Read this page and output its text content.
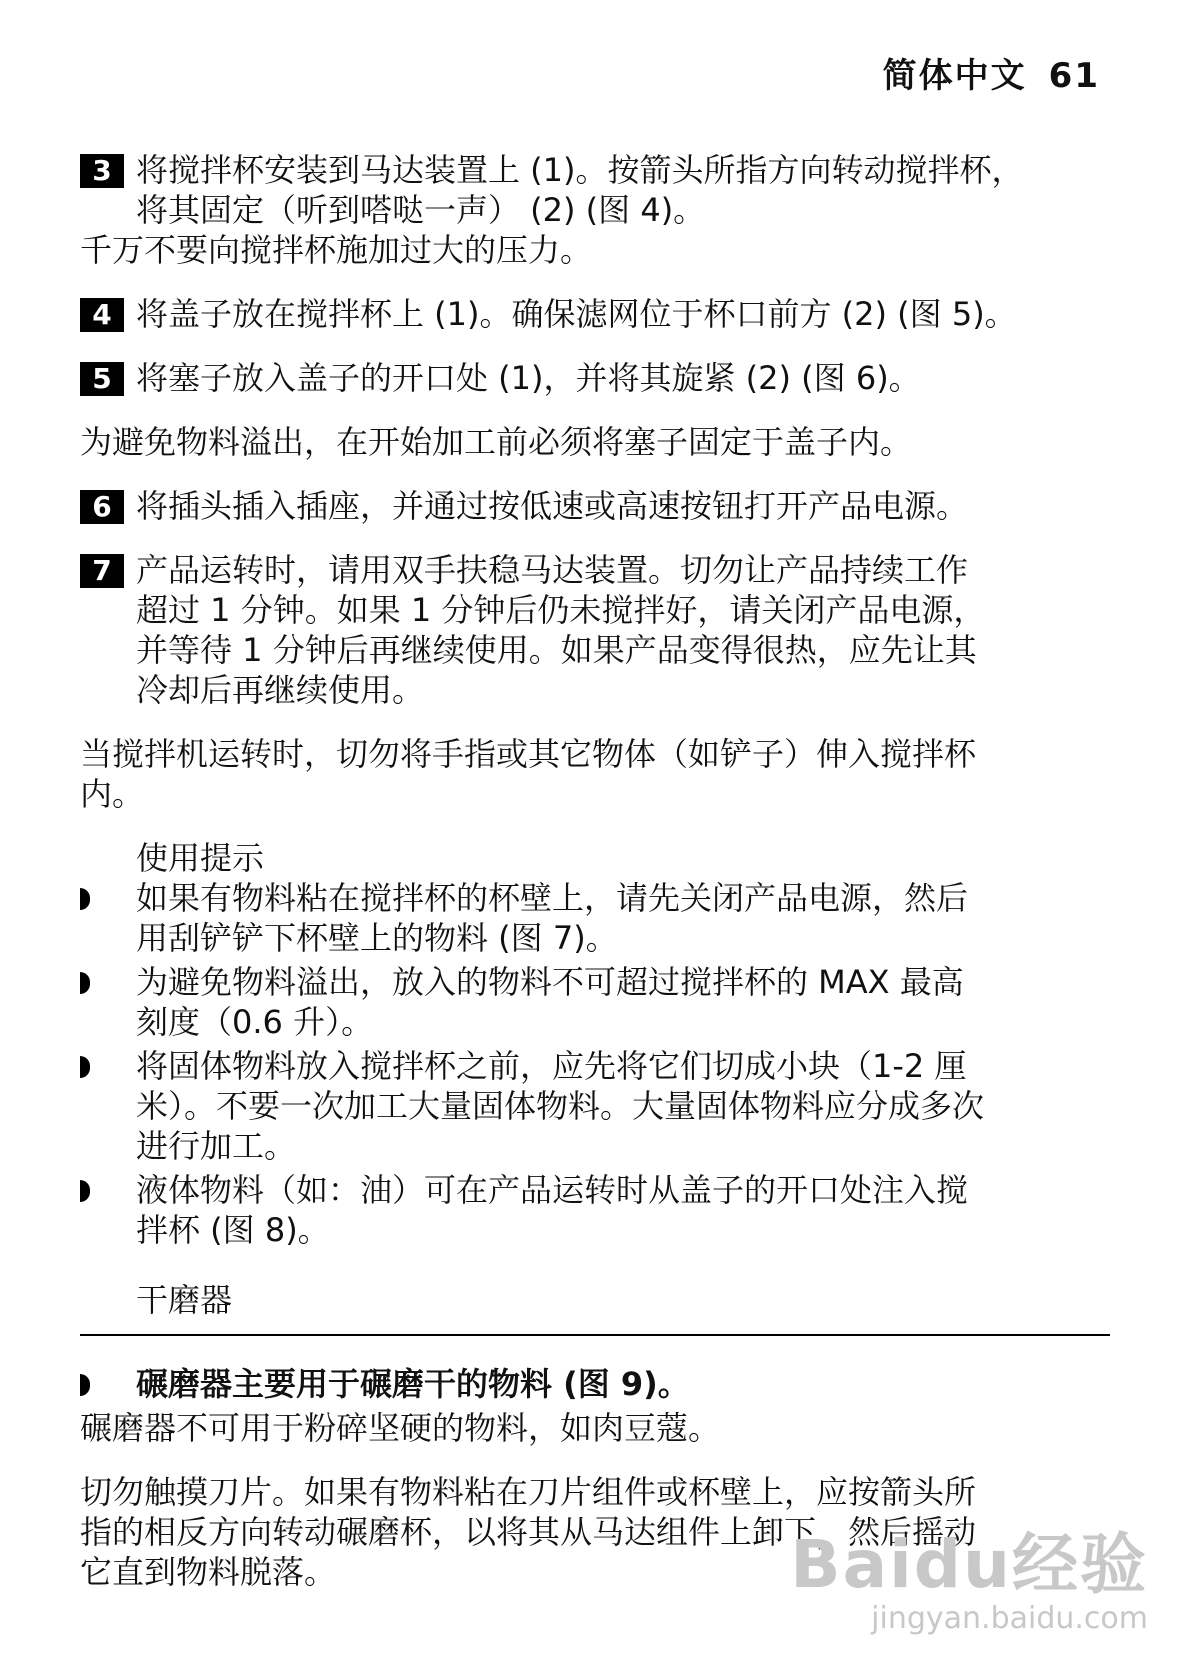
简体中文 61
3 将搅拌杯安装到马达装置上 (1)。按箭头所指方向转动搅拌杯，
将其固定（听到嗒哒一声） (2) (图 4)。
千万不要向搅拌杯施加过大的压力。
4 将盖子放在搅拌杯上 (1)。确保滤网位于杯口前方 (2) (图 5)。
5 将塞子放入盖子的开口处 (1)，并将其旋紧 (2) (图 6)。
为避免物料溢出，在开始加工前必须将塞子固定于盖子内。
6 将插头插入插座，并通过按低速或高速按钮打开产品电源。
7 产品运转时，请用双手扶稳马达装置。切勿让产品持续工作
超过 1 分钟。如果 1 分钟后仍未搅拌好，请关闭产品电源，
并等待 1 分钟后再继续使用。如果产品变得很热，应先让其
冷却后再继续使用。
当搅拌机运转时，切勿将手指或其它物体（如铲子）伸入搅拌杯
内。
使用提示
如果有物料粘在搅拌杯的杯壁上，请先关闭产品电源，然后
用刮铲铲下杯壁上的物料 (图 7)。
为避免物料溢出，放入的物料不可超过搅拌杯的 MAX 最高
刻度（0.6 升）。
将固体物料放入搅拌杯之前，应先将它们切成小块（1-2 厘
米）。不要一次加工大量固体物料。大量固体物料应分成多次
进行加工。
液体物料（如：油）可在产品运转时从盖子的开口处注入搅
拌杯 (图 8)。
干磨器
碾磨器主要用于碾磨干的物料 (图 9)。
碾磨器不可用于粉碎坚硬的物料，如肉豆蔻。
切勿触摸刀片。如果有物料粘在刀片组件或杯壁上，应按箭头所
指的相反方向转动碾磨杯，以将其从马达组件上卸下，然后摇动
它直到物料脱落。	Baidu经验
jingyan.baidu.com
